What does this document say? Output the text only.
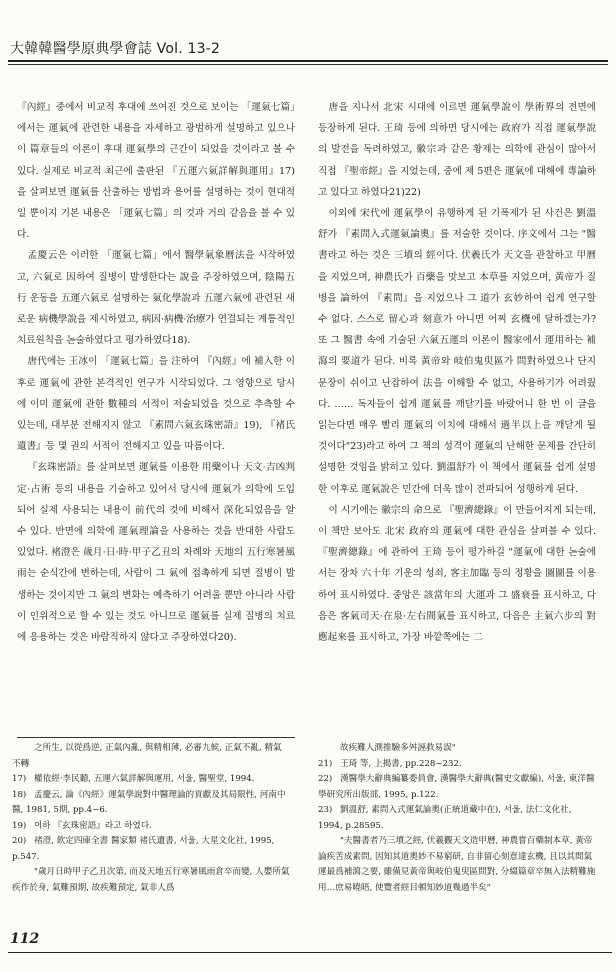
大韓韓醫學原典學會誌 Vol. 13-2

『內經』중에서 비교적 후대에 쓰여진 것으로 보이는 「運氣七篇」에서는 運氣에 관련한 내용을 자세하고 광범하게 설명하고 있으나 이 篇章들의 이론이 후대 運氣學의 근간이 되었을 것이라고 볼 수 있다. 실제로 비교적 최근에 출판된 『五運六氣詳解與運用』17)을 살펴보면 運氣를 산출하는 방법과 용어를 설명하는 것이 현대적일 뿐이지 기본 내용은 「運氣七篇」의 것과 거의 같음을 볼 수 있다.

孟慶云은 이러한 「運氣七篇」에서 醫學氣象曆法을 시작하였고, 六氣로 因하여 질병이 발생한다는 說을 주장하였으며, 陰陽五行 운동을 五運六氣로 설명하는 氣化學說과 五運六氣에 관련된 새로운 病機學說을 제시하였고, 病因·病機·治療가 연결되는 계통적인 치료원칙을 논술하였다고 평가하였다18).

唐代에는 王冰이 「運氣七篇」을 注하여 『內經』에 補入한 이후로 運氣에 관한 본격적인 연구가 시작되었다. 그 영향으로 당시에 이미 運氣에 관한 數種의 서적이 저술되었을 것으로 추측할 수 있는데, 대부분 전해지지 않고 『素問六氣玄珠密語』19), 『褚氏遺書』등 몇 권의 서적이 전해지고 있을 따름이다.

『玄珠密語』를 살펴보면 運氣를 이용한 用藥이나 天文·吉凶判定·占術 등의 내용을 기술하고 있어서 당시에 運氣가 의학에 도입되어 실제 사용되는 내용이 前代의 것에 비해서 深化되었음을 알 수 있다. 반면에 의학에 運氣理論을 사용하는 것을 반대한 사람도 있었다. 褚澄은 歲月·日·時·甲子乙丑의 차례와 天地의 五行寒暑風雨는 순식간에 변하는데, 사람이 그 氣에 접촉하게 되면 질병이 발생하는 것이지만 그 氣의 변화는 예측하기 어려울 뿐만 아니라 사람이 인위적으로 할 수 있는 것도 아니므로 運氣를 실제 질병의 치료에 응용하는 것은 바람직하지 않다고 주장하였다20).

唐을 지나서 北宋 시대에 이르면 運氣學說이 學術界의 전면에 등장하게 된다. 王琦 등에 의하면 당시에는 政府가 직접 運氣學說의 발전을 독려하였고, 徽宗과 같은 황제는 의학에 관심이 많아서 직접 『聖帝經』을 지었는데, 중에 제 5편은 運氣에 대해에 專論하고 있다고 하였다21)22)

이외에 宋代에 運氣學이 유행하게 된 기폭제가 된 사건은 劉溫舒가 『素問入式運氣論奧』를 저술한 것이다. 序文에서 그는 "醫書라고 하는 것은 三墳의 經이다. 伏羲氏가 天文을 관찰하고 甲曆을 지었으며, 神農氏가 百藥을 맛보고 本草를 지었으며, 黃帝가 질병을 論하여 『素問』을 지었으나 그 道가 玄妙하여 쉽게 연구할 수 없다. 스스로 留心과 刻意가 아니면 어찌 玄機에 달하겠는가? 또 그 醫書 속에 기술된 六氣五運의 이론이 醫家에서 運用하는 補瀉의 要道가 된다. 비록 黃帝와 岐伯鬼臾區가 問對하였으나 단지 문장이 쉬이고 난잡하여 法을 이해할 수 없고, 사용하기가 어려웠다. …… 독자들이 쉽게 運氣를 깨닫기를 바랐어니 한 번 이 글을 읽는다면 매우 빨리 運氣의 이치에 대해서 過半以上을 깨닫게 될 것이다"23)라고 하여 그 책의 성격이 運氣의 난해한 문제를 간단히 설명한 것임을 밝히고 있다. 劉溫舒가 이 책에서 運氣를 쉽게 설명한 이후로 運氣說은 민간에 더욱 많이 전파되어 성행하게 된다.

이 시기에는 徽宗의 命으로 『聖濟總錄』이 만들어지게 되는데, 이 책만 보아도 北宋 政府의 運氣에 대한 관심을 살펴볼 수 있다. 『聖濟總錄』에 관하여 王琦 등이 평가하길 "運氣에 대한 논술에서는 장차 六十年 기운의 성쇠, 客主加臨 등의 정황을 圖圖를 이용하여 표시하였다. 중앙은 該當年의 大運과 그 盛衰를 표시하고, 다음은 客氣司天·在泉·左右間氣를 표시하고, 다음은 主氣六步의 對應起來를 표시하고, 가장 바깥쪽에는 二

之所生, 以從爲逆, 正氣內亂, 與精相薄, 必審九候, 正氣不亂, 精氣不轉

17) 權依經·李民聽, 五運六氣詳解與運用, 서울, 醫聖堂, 1994.

18) 孟慶云, 論《內經》運氣學說對中醫理論的貢獻及其局限性, 河南中醫, 1981, 5期, pp.4~6.

19) 이하 『玄珠密語』라고 하였다.

20) 褚澄, 欽定四庫全書 醫家類 褚氏遺書, 서울, 大星文化社, 1995, p.547.

"歲月日時甲子乙丑次第, 而及天地五行寒暑風雨倉卒而變, 人嬰所氣疾作於身, 氣難預期, 故疾難預定, 氣非人爲

故疾難人測推驗多舛誣救易誤"

21) 王琦 等, 上揭書, pp.228~232.

22) 漢醫學大辭典編纂委員會, 漢醫學大辭典(醫史文獻編), 서울, 東洋醫學研究所出版部, 1995, p.122.

23) 劉溫舒, 素問入式運氣論奧(正統道藏中在), 서울, 法仁文化社, 1994, p.28595.

"夫醫書者乃三墳之經, 伏羲觀天文造甲曆, 神農嘗百藥制本草, 黃帝論疾苦成素問, 因知其道奧妙不易窮研, 自非留心刻意達玄機, 且以其間氣運最爲補瀉之要, 雖備見黃帝與岐伯鬼臾區問對, 分綴篇章卒無入法精難施用…庶易曉晤, 使覽者經目頓知妙道幾過半矣"

112
